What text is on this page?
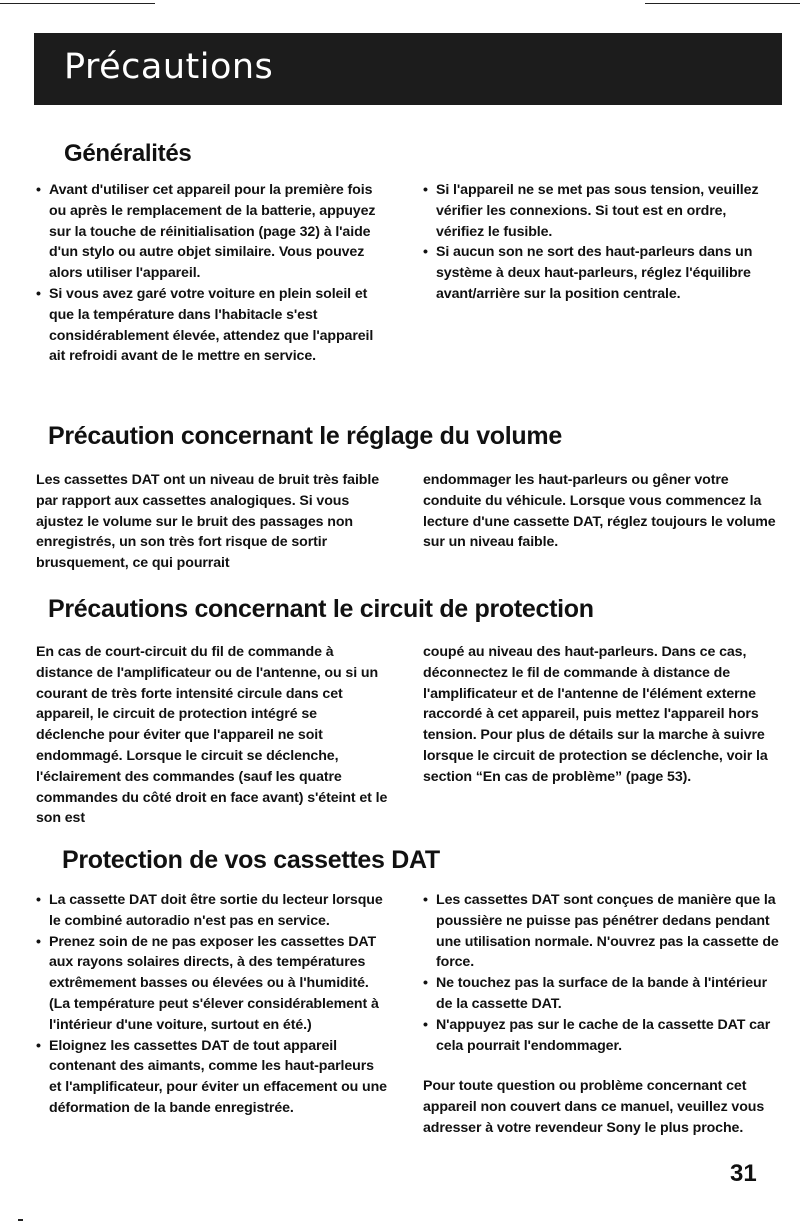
Précautions
Généralités
• Avant d'utiliser cet appareil pour la première fois ou après le remplacement de la batterie, appuyez sur la touche de réinitialisation (page 32) à l'aide d'un stylo ou autre objet similaire. Vous pouvez alors utiliser l'appareil.
• Si vous avez garé votre voiture en plein soleil et que la température dans l'habitacle s'est considérablement élevée, attendez que l'appareil ait refroidi avant de le mettre en service.
• Si l'appareil ne se met pas sous tension, veuillez vérifier les connexions. Si tout est en ordre, vérifiez le fusible.
• Si aucun son ne sort des haut-parleurs dans un système à deux haut-parleurs, réglez l'équilibre avant/arrière sur la position centrale.
Précaution concernant le réglage du volume

Les cassettes DAT ont un niveau de bruit très faible par rapport aux cassettes analogiques. Si vous ajustez le volume sur le bruit des passages non enregistrés, un son très fort risque de sortir brusquement, ce qui pourrait

endommager les haut-parleurs ou gêner votre conduite du véhicule. Lorsque vous commencez la lecture d'une cassette DAT, réglez toujours le volume sur un niveau faible.

Précautions concernant le circuit de protection

En cas de court-circuit du fil de commande à distance de l'amplificateur ou de l'antenne, ou si un courant de très forte intensité circule dans cet appareil, le circuit de protection intégré se déclenche pour éviter que l'appareil ne soit endommagé. Lorsque le circuit se déclenche, l'éclairement des commandes (sauf les quatre commandes du côté droit en face avant) s'éteint et le son est

coupé au niveau des haut-parleurs. Dans ce cas, déconnectez le fil de commande à distance de l'amplificateur et de l'antenne de l'élément externe raccordé à cet appareil, puis mettez l'appareil hors tension. Pour plus de détails sur la marche à suivre lorsque le circuit de protection se déclenche, voir la section “En cas de problème” (page 53).

Protection de vos cassettes DAT
• La cassette DAT doit être sortie du lecteur lorsque le combiné autoradio n'est pas en service.
• Prenez soin de ne pas exposer les cassettes DAT aux rayons solaires directs, à des températures extrêmement basses ou élevées ou à l'humidité. (La température peut s'élever considérablement à l'intérieur d'une voiture, surtout en été.)
• Eloignez les cassettes DAT de tout appareil contenant des aimants, comme les haut-parleurs et l'amplificateur, pour éviter un effacement ou une déformation de la bande enregistrée.
• Les cassettes DAT sont conçues de manière que la poussière ne puisse pas pénétrer dedans pendant une utilisation normale. N'ouvrez pas la cassette de force.
• Ne touchez pas la surface de la bande à l'intérieur de la cassette DAT.
• N'appuyez pas sur le cache de la cassette DAT car cela pourrait l'endommager.

Pour toute question ou problème concernant cet appareil non couvert dans ce manuel, veuillez vous adresser à votre revendeur Sony le plus proche.

31
